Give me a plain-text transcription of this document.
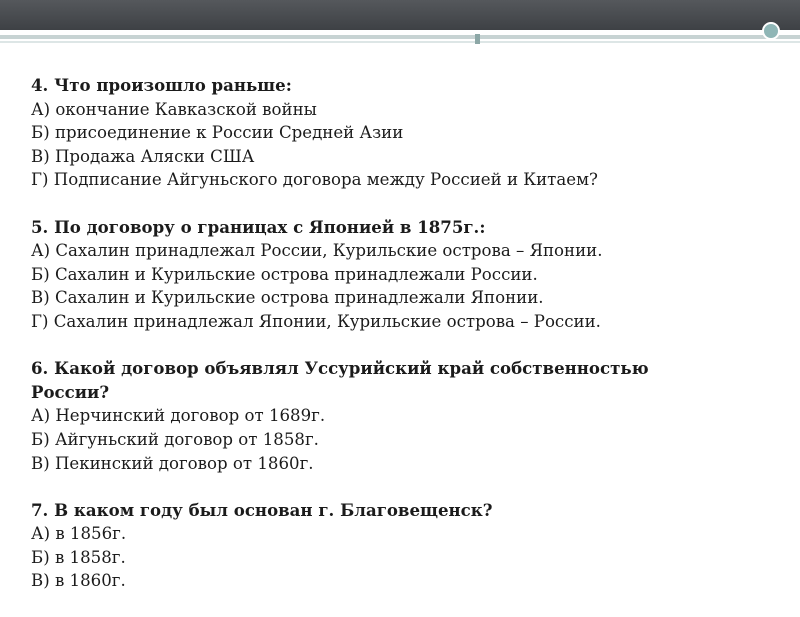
4. Что произошло раньше:
А) окончание Кавказской войны
Б) присоединение к России Средней Азии
В) Продажа Аляски США
Г) Подписание Айгуньского договора между Россией и Китаем?
5. По договору о границах с Японией в 1875г.:
А) Сахалин принадлежал России, Курильские острова – Японии.
Б) Сахалин и Курильские острова принадлежали России.
В) Сахалин и Курильские острова принадлежали Японии.
Г) Сахалин принадлежал Японии, Курильские острова – России.
6. Какой договор объявлял Уссурийский край собственностью
России?
А) Нерчинский договор от 1689г.
Б) Айгуньский договор от 1858г.
В) Пекинский договор от 1860г.
7. В каком году был основан г. Благовещенск?
А) в 1856г.
Б) в 1858г.
В) в 1860г.
